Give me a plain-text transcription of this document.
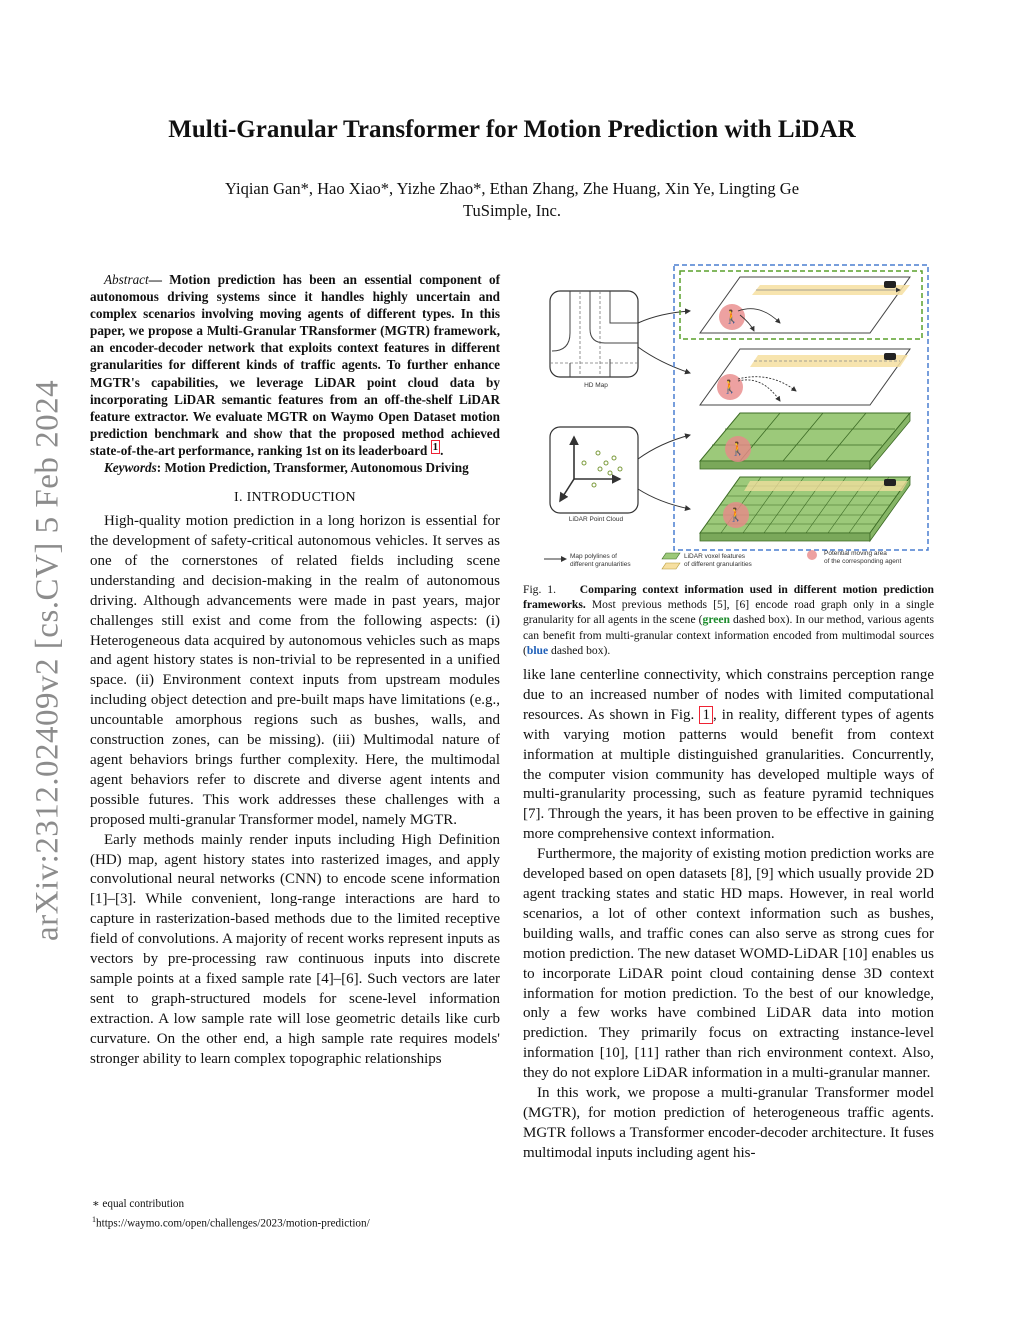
arXiv:2312.02409v2 [cs.CV] 5 Feb 2024
Multi-Granular Transformer for Motion Prediction with LiDAR
Yiqian Gan*, Hao Xiao*, Yizhe Zhao*, Ethan Zhang, Zhe Huang, Xin Ye, Lingting Ge
TuSimple, Inc.

Abstract— Motion prediction has been an essential component of autonomous driving systems since it handles highly uncertain and complex scenarios involving moving agents of different types. In this paper, we propose a Multi-Granular TRansformer (MGTR) framework, an encoder-decoder network that exploits context features in different granularities for different kinds of traffic agents. To further enhance MGTR's capabilities, we leverage LiDAR point cloud data by incorporating LiDAR semantic features from an off-the-shelf LiDAR feature extractor. We evaluate MGTR on Waymo Open Dataset motion prediction benchmark and show that the proposed method achieved state-of-the-art performance, ranking 1st on its leaderboard $^1$ .

Keywords: Motion Prediction, Transformer, Autonomous Driving

I. INTRODUCTION

High-quality motion prediction in a long horizon is essential for the development of safety-critical autonomous vehicles. It serves as one of the cornerstones of related fields including scene understanding and decision-making in the realm of autonomous driving. Although advancements were made in past years, major challenges still exist and come from the following aspects: (i) Heterogeneous data acquired by autonomous vehicles such as maps and agent history states is non-trivial to be represented in a unified space. (ii) Environment context inputs from upstream modules including object detection and pre-built maps have limitations (e.g., uncountable amorphous regions such as bushes, walls, and construction zones, can be missing). (iii) Multimodal nature of agent behaviors brings further complexity. Here, the multimodal agent behaviors refer to discrete and diverse agent intents and possible futures. This work addresses these challenges with a proposed multi-granular Transformer model, namely MGTR.

Early methods mainly render inputs including High Definition (HD) map, agent history states into rasterized images, and apply convolutional neural networks (CNN) to encode scene information [1]–[3]. While convenient, long-range interactions are hard to capture in rasterization-based methods due to the limited receptive field of convolutions. A majority of recent works represent inputs as vectors by pre-processing raw continuous inputs into discrete sample points at a fixed sample rate [4]–[6]. Such vectors are later sent to graph-structured models for scene-level information extraction. A low sample rate will lose geometric details like curb curvature. On the other end, a high sample rate requires models' stronger ability to learn complex topographic relationships

∗ equal contribution
$^1$https://waymo.com/open/challenges/2023/motion-prediction/
HD Map
LiDAR Point Cloud
🚶
🚶
🚶
🚶
Map polylines of
different granularities
LiDAR voxel features
of different granularities
Potential moving area
of the corresponding agent
Fig. 1. Comparing context information used in different motion prediction frameworks. Most previous methods [5], [6] encode road graph only in a single granularity for all agents in the scene (green dashed box). In our method, various agents can benefit from multi-granular context information encoded from multimodal sources (blue dashed box).

like lane centerline connectivity, which constrains perception range due to an increased number of nodes with limited computational resources. As shown in Fig. 1 , in reality, different types of agents with varying motion patterns would benefit from context information at multiple distinguished granularities. Concurrently, the computer vision community has developed multiple ways of multi-granularity processing, such as feature pyramid techniques [7]. Through the years, it has been proven to be effective in gaining more comprehensive context information.

Furthermore, the majority of existing motion prediction works are developed based on open datasets [8], [9] which usually provide 2D agent tracking states and static HD maps. However, in real world scenarios, a lot of other context information such as bushes, building walls, and traffic cones can also serve as strong cues for motion prediction. The new dataset WOMD-LiDAR [10] enables us to incorporate LiDAR point cloud containing dense 3D context information for motion prediction. To the best of our knowledge, only a few works have combined LiDAR data into motion prediction. They primarily focus on extracting instance-level information [10], [11] rather than rich environment context. Also, they do not explore LiDAR information in a multi-granular manner.

In this work, we propose a multi-granular Transformer model (MGTR), for motion prediction of heterogeneous traffic agents. MGTR follows a Transformer encoder-decoder architecture. It fuses multimodal inputs including agent his-
